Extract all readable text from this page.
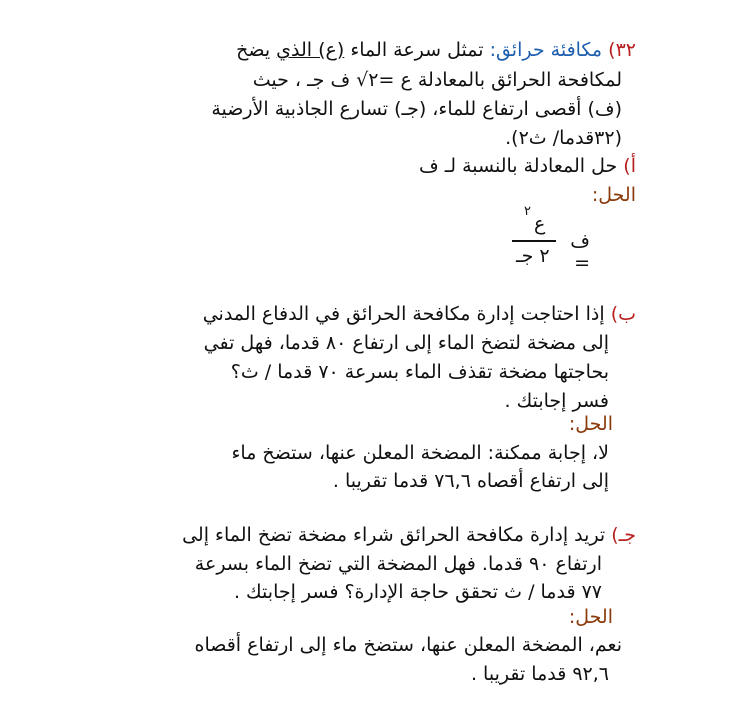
٣٢) مكافئة حرائق: تمثل سرعة الماء (ع) الذي يضخ
لمكافحة الحرائق بالمعادلة ع =٢√ ف جـ ، حيث
(ف) أقصى ارتفاع للماء، (جـ) تسارع الجاذبية الأرضية
(٣٢قدما/ ث٢).
أ) حل المعادلة بالنسبة لـ ف
الحل:
ف =
٢
ع
٢ جـ
ب) إذا احتاجت إدارة مكافحة الحرائق في الدفاع المدني
إلى مضخة لتضخ الماء إلى ارتفاع ٨٠ قدما، فهل تفي
بحاجتها مضخة تقذف الماء بسرعة ٧٠ قدما / ث؟
فسر إجابتك .
الحل:
لا، إجابة ممكنة: المضخة المعلن عنها، ستضخ ماء
إلى ارتفاع أقصاه ٧٦,٦ قدما تقريبا .
جـ) تريد إدارة مكافحة الحرائق شراء مضخة تضخ الماء إلى
ارتفاع ٩٠ قدما. فهل المضخة التي تضخ الماء بسرعة
٧٧ قدما / ث تحقق حاجة الإدارة؟ فسر إجابتك .
الحل:
نعم، المضخة المعلن عنها، ستضخ ماء إلى ارتفاع أقصاه
٩٢,٦ قدما تقريبا .
